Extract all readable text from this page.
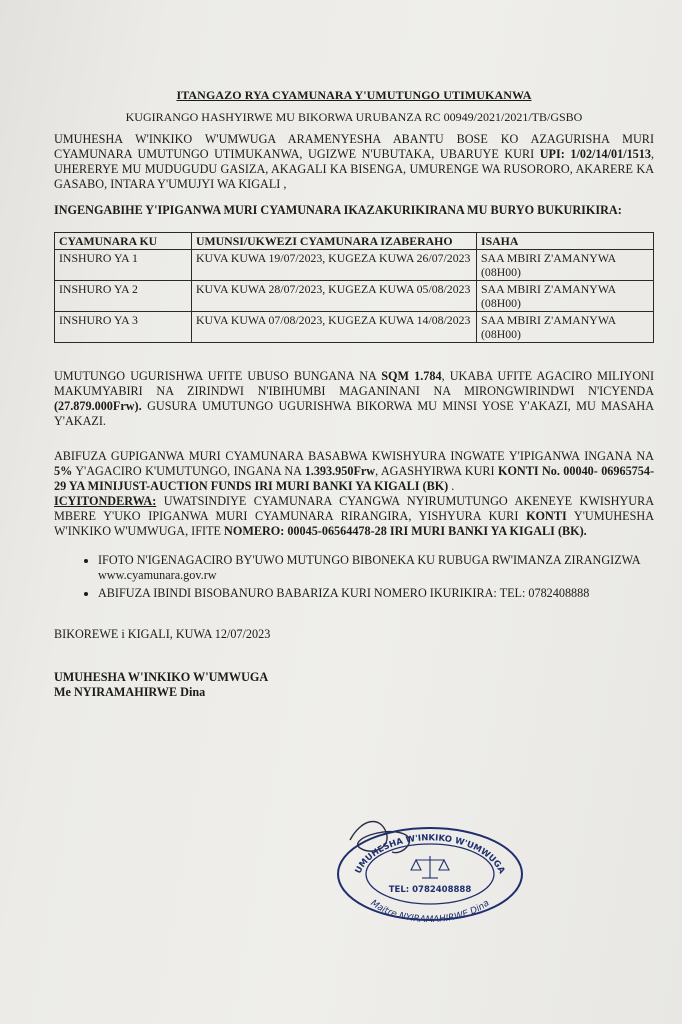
ITANGAZO RYA CYAMUNARA Y'UMUTUNGO UTIMUKANWA
KUGIRANGO HASHYIRWE MU BIKORWA URUBANZA RC 00949/2021/2021/TB/GSBO

UMUHESHA W'INKIKO W'UMWUGA ARAMENYESHA ABANTU BOSE KO AZAGURISHA MURI CYAMUNARA UMUTUNGO UTIMUKANWA, UGIZWE N'UBUTAKA, UBARUYE KURI UPI: 1/02/14/01/1513, UHERERYE MU MUDUGUDU GASIZA, AKAGALI KA BISENGA, UMURENGE WA RUSORORO, AKARERE KA GASABO, INTARA Y'UMUJYI WA KIGALI ,

INGENGABIHE Y'IPIGANWA MURI CYAMUNARA IKAZAKURIKIRANA MU BURYO BUKURIKIRA:

CYAMUNARA KU	UMUNSI/UKWEZI CYAMUNARA IZABERAHO	ISAHA
INSHURO YA 1	KUVA KUWA 19/07/2023, KUGEZA KUWA 26/07/2023	SAA MBIRI Z'AMANYWA (08H00)
INSHURO YA 2	KUVA KUWA 28/07/2023, KUGEZA KUWA 05/08/2023	SAA MBIRI Z'AMANYWA (08H00)
INSHURO YA 3	KUVA KUWA 07/08/2023, KUGEZA KUWA 14/08/2023	SAA MBIRI Z'AMANYWA (08H00)

UMUTUNGO UGURISHWA UFITE UBUSO BUNGANA NA SQM 1.784, UKABA UFITE AGACIRO MILIYONI MAKUMYABIRI NA ZIRINDWI N'IBIHUMBI MAGANINANI NA MIRONGWIRINDWI N'ICYENDA (27.879.000Frw). GUSURA UMUTUNGO UGURISHWA BIKORWA MU MINSI YOSE Y'AKAZI, MU MASAHA Y'AKAZI.

ABIFUZA GUPIGANWA MURI CYAMUNARA BASABWA KWISHYURA INGWATE Y'IPIGANWA INGANA NA 5% Y'AGACIRO K'UMUTUNGO, INGANA NA 1.393.950Frw, AGASHYIRWA KURI KONTI No. 00040- 06965754- 29 YA MINIJUST-AUCTION FUNDS IRI MURI BANKI YA KIGALI (BK) .
ICYITONDERWA: UWATSINDIYE CYAMUNARA CYANGWA NYIRUMUTUNGO AKENEYE KWISHYURA MBERE Y'UKO IPIGANWA MURI CYAMUNARA RIRANGIRA, YISHYURA KURI KONTI Y'UMUHESHA W'INKIKO W'UMWUGA, IFITE NOMERO: 00045-06564478-28 IRI MURI BANKI YA KIGALI (BK).

• IFOTO N'IGENAGACIRO BY'UWO MUTUNGO BIBONEKA KU RUBUGA RW'IMANZA ZIRANGIZWA www.cyamunara.gov.rw
• ABIFUZA IBINDI BISOBANURO BABARIZA KURI NOMERO IKURIKIRA: TEL: 0782408888
BIKOREWE i KIGALI, KUWA 12/07/2023
UMUHESHA W'INKIKO W'UMWUGA
Me NYIRAMAHIRWE Dina
UMUHESHA W'INKIKO W'UMWUGA
Maitre NYIRAMAHIRWE Dina
TEL: 0782408888
